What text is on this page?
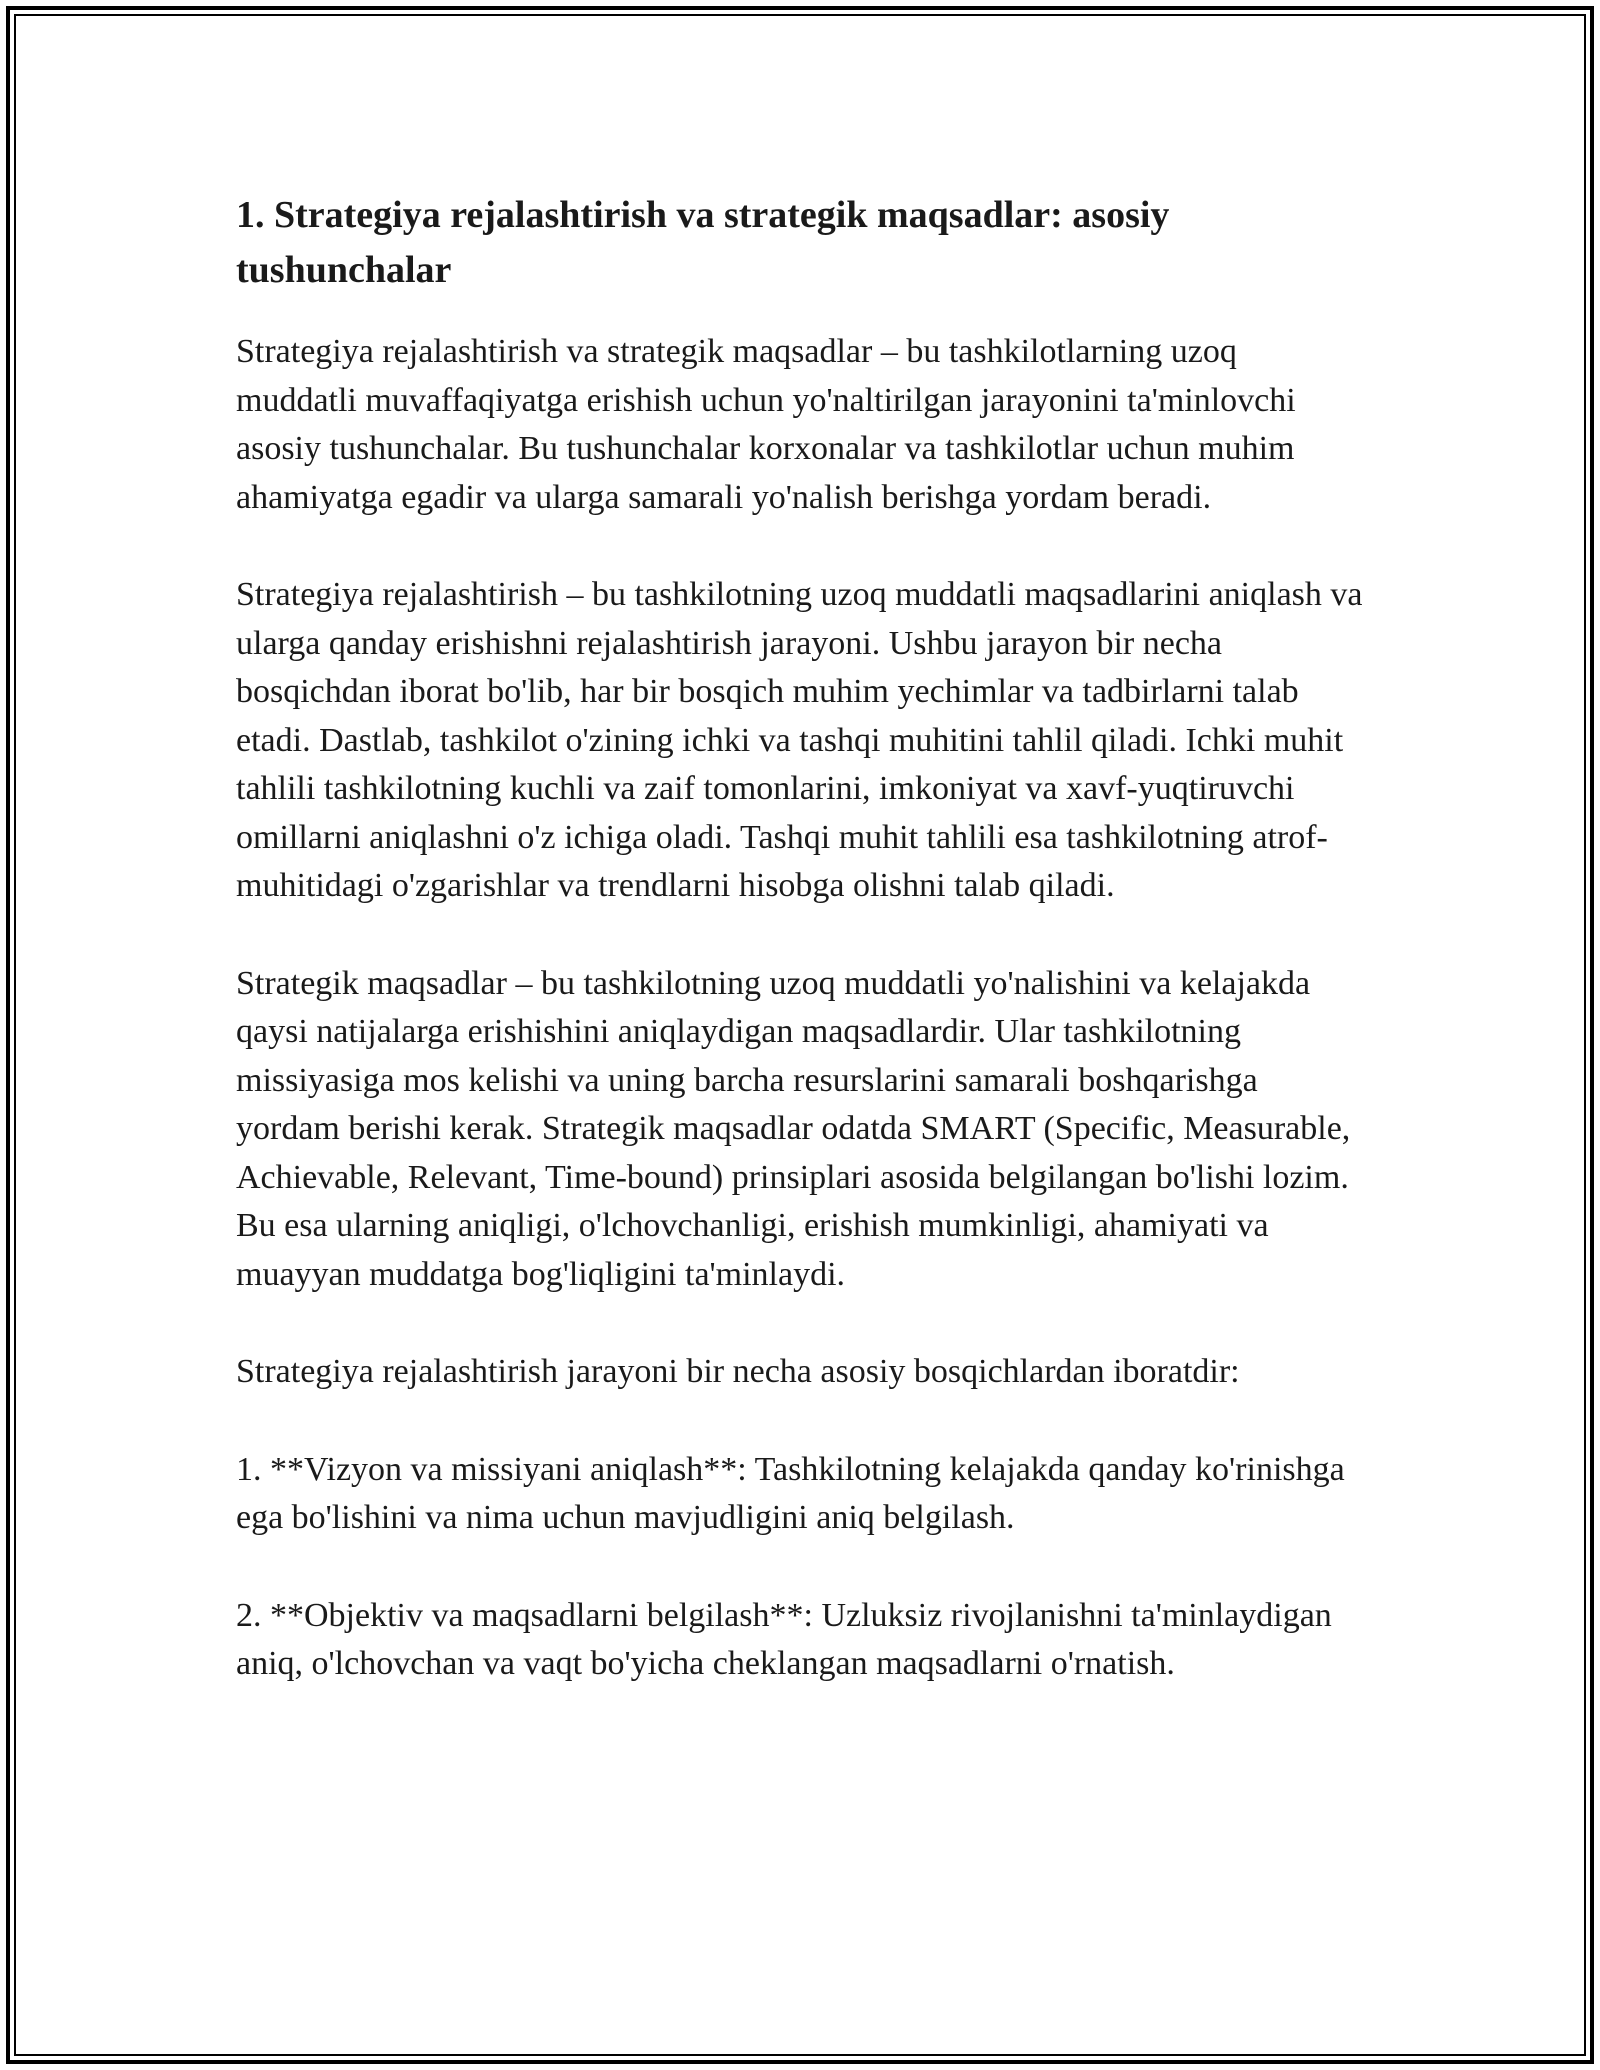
1. Strategiya rejalashtirish va strategik maqsadlar: asosiy tushunchalar

Strategiya rejalashtirish va strategik maqsadlar – bu tashkilotlarning uzoq muddatli muvaffaqiyatga erishish uchun yo'naltirilgan jarayonini ta'minlovchi asosiy tushunchalar. Bu tushunchalar korxonalar va tashkilotlar uchun muhim ahamiyatga egadir va ularga samarali yo'nalish berishga yordam beradi.

Strategiya rejalashtirish – bu tashkilotning uzoq muddatli maqsadlarini aniqlash va ularga qanday erishishni rejalashtirish jarayoni. Ushbu jarayon bir necha bosqichdan iborat bo'lib, har bir bosqich muhim yechimlar va tadbirlarni talab etadi. Dastlab, tashkilot o'zining ichki va tashqi muhitini tahlil qiladi. Ichki muhit tahlili tashkilotning kuchli va zaif tomonlarini, imkoniyat va xavf-yuqtiruvchi omillarni aniqlashni o'z ichiga oladi. Tashqi muhit tahlili esa tashkilotning atrof-muhitidagi o'zgarishlar va trendlarni hisobga olishni talab qiladi.

Strategik maqsadlar – bu tashkilotning uzoq muddatli yo'nalishini va kelajakda qaysi natijalarga erishishini aniqlaydigan maqsadlardir. Ular tashkilotning missiyasiga mos kelishi va uning barcha resurslarini samarali boshqarishga yordam berishi kerak. Strategik maqsadlar odatda SMART (Specific, Measurable, Achievable, Relevant, Time-bound) prinsiplari asosida belgilangan bo'lishi lozim. Bu esa ularning aniqligi, o'lchovchanligi, erishish mumkinligi, ahamiyati va muayyan muddatga bog'liqligini ta'minlaydi.

Strategiya rejalashtirish jarayoni bir necha asosiy bosqichlardan iboratdir:

1. **Vizyon va missiyani aniqlash**: Tashkilotning kelajakda qanday ko'rinishga ega bo'lishini va nima uchun mavjudligini aniq belgilash.

2. **Objektiv va maqsadlarni belgilash**: Uzluksiz rivojlanishni ta'minlaydigan aniq, o'lchovchan va vaqt bo'yicha cheklangan maqsadlarni o'rnatish.
